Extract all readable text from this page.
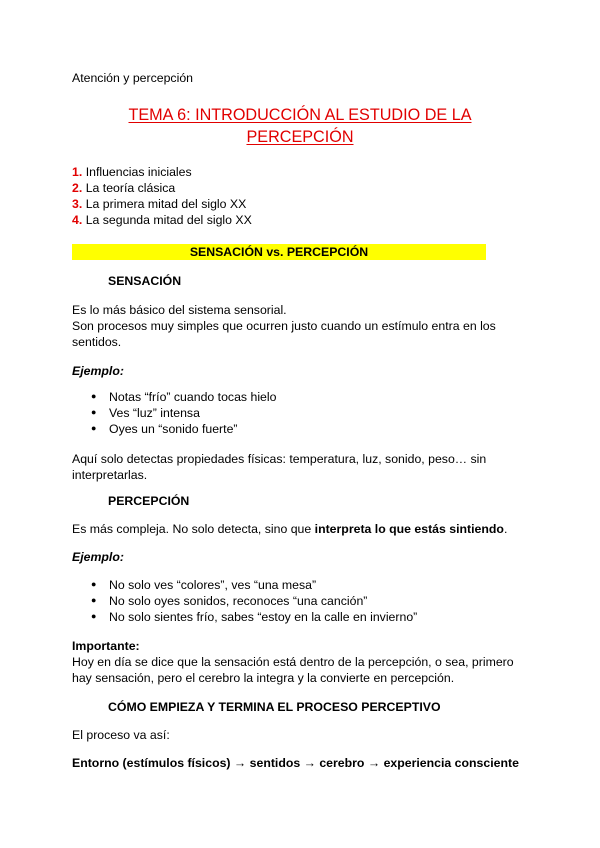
Atención y percepción
TEMA 6: INTRODUCCIÓN AL ESTUDIO DE LA
PERCEPCIÓN
1. Influencias iniciales
2. La teoría clásica
3. La primera mitad del siglo XX
4. La segunda mitad del siglo XX
SENSACIÓN vs. PERCEPCIÓN
SENSACIÓN
Es lo más básico del sistema sensorial.
Son procesos muy simples que ocurren justo cuando un estímulo entra en los
sentidos.
Ejemplo:
● Notas “frío” cuando tocas hielo
● Ves “luz” intensa
● Oyes un “sonido fuerte”
Aquí solo detectas propiedades físicas: temperatura, luz, sonido, peso… sin
interpretarlas.
PERCEPCIÓN
Es más compleja. No solo detecta, sino que interpreta lo que estás sintiendo.
Ejemplo:
● No solo ves “colores”, ves “una mesa”
● No solo oyes sonidos, reconoces “una canción”
● No solo sientes frío, sabes “estoy en la calle en invierno”
Importante:
Hoy en día se dice que la sensación está dentro de la percepción, o sea, primero
hay sensación, pero el cerebro la integra y la convierte en percepción.
CÓMO EMPIEZA Y TERMINA EL PROCESO PERCEPTIVO
El proceso va así:
Entorno (estímulos físicos) → sentidos → cerebro → experiencia consciente
